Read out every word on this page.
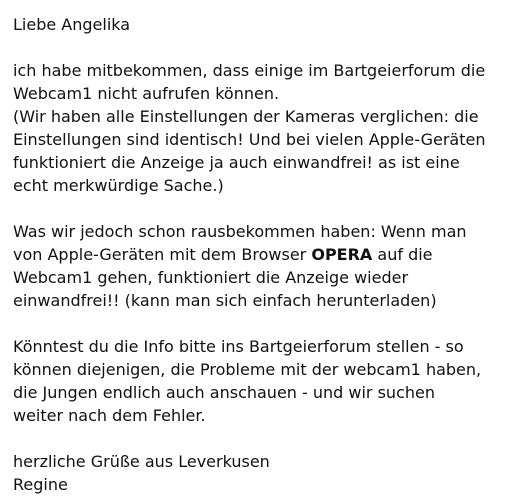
Liebe Angelika
ich habe mitbekommen, dass einige im Bartgeierforum die
Webcam1 nicht aufrufen können.
(Wir haben alle Einstellungen der Kameras verglichen: die
Einstellungen sind identisch! Und bei vielen Apple-Geräten
funktioniert die Anzeige ja auch einwandfrei! as ist eine
echt merkwürdige Sache.)
Was wir jedoch schon rausbekommen haben: Wenn man
von Apple-Geräten mit dem Browser OPERA auf die
Webcam1 gehen, funktioniert die Anzeige wieder
einwandfrei!! (kann man sich einfach herunterladen)
Könntest du die Info bitte ins Bartgeierforum stellen - so
können diejenigen, die Probleme mit der webcam1 haben,
die Jungen endlich auch anschauen - und wir suchen
weiter nach dem Fehler.
herzliche Grüße aus Leverkusen
Regine
